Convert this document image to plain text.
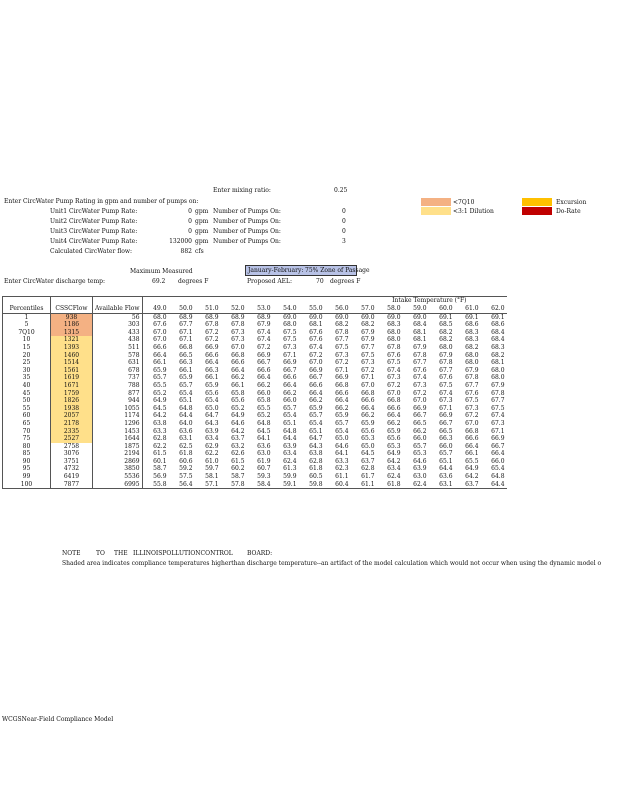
Enter mixing ratio:	0.25
Enter CircWater Pump Rating in gpm and number of pumps on:
Unit1 CircWater Pump Rate:	0 gpm Number of Pumps On:	0
Unit2 CircWater Pump Rate:	0 gpm Number of Pumps On:	0
Unit3 CircWater Pump Rate:	0 gpm Number of Pumps On:	0
Unit4 CircWater Pump Rate:	132000 gpm Number of Pumps On:	3
Calculated CircWater flow:	882 cfs
<7Q10
<3:1 Dilution
Excursion
Do-Rate
Maximum Measured	January-February: 75% Zone of Passage
Enter CircWater discharge temp:	69.2 degrees F	Proposed AEL:	70 degrees F
			Intake Temperature (°F)													
Percentiles	CSSCFlow	Available Flow	49.0	50.0	51.0	52.0	53.0	54.0	55.0	56.0	57.0	58.0	59.0	60.0	61.0	62.0
1	938	56	68.0	68.9	68.9	68.9	68.9	69.0	69.0	69.0	69.0	69.0	69.0	69.1	69.1	69.1
5	1186	303	67.6	67.7	67.8	67.8	67.9	68.0	68.1	68.2	68.2	68.3	68.4	68.5	68.6	68.6
7Q10	1315	433	67.0	67.1	67.2	67.3	67.4	67.5	67.6	67.8	67.9	68.0	68.1	68.2	68.3	68.4
10	1321	438	67.0	67.1	67.2	67.3	67.4	67.5	67.6	67.7	67.9	68.0	68.1	68.2	68.3	68.4
15	1393	511	66.6	66.8	66.9	67.0	67.2	67.3	67.4	67.5	67.7	67.8	67.9	68.0	68.2	68.3
20	1460	578	66.4	66.5	66.6	66.8	66.9	67.1	67.2	67.3	67.5	67.6	67.8	67.9	68.0	68.2
25	1514	631	66.1	66.3	66.4	66.6	66.7	66.9	67.0	67.2	67.3	67.5	67.7	67.8	68.0	68.1
30	1561	678	65.9	66.1	66.3	66.4	66.6	66.7	66.9	67.1	67.2	67.4	67.6	67.7	67.9	68.0
35	1619	737	65.7	65.9	66.1	66.2	66.4	66.6	66.7	66.9	67.1	67.3	67.4	67.6	67.8	68.0
40	1671	788	65.5	65.7	65.9	66.1	66.2	66.4	66.6	66.8	67.0	67.2	67.3	67.5	67.7	67.9
45	1759	877	65.2	65.4	65.6	65.8	66.0	66.2	66.4	66.6	66.8	67.0	67.2	67.4	67.6	67.8
50	1826	944	64.9	65.1	65.4	65.6	65.8	66.0	66.2	66.4	66.6	66.8	67.0	67.3	67.5	67.7
55	1938	1055	64.5	64.8	65.0	65.2	65.5	65.7	65.9	66.2	66.4	66.6	66.9	67.1	67.3	67.5
60	2057	1174	64.2	64.4	64.7	64.9	65.2	65.4	65.7	65.9	66.2	66.4	66.7	66.9	67.2	67.4
65	2178	1296	63.8	64.0	64.3	64.6	64.8	65.1	65.4	65.7	65.9	66.2	66.5	66.7	67.0	67.3
70	2335	1453	63.3	63.6	63.9	64.2	64.5	64.8	65.1	65.4	65.6	65.9	66.2	66.5	66.8	67.1
75	2527	1644	62.8	63.1	63.4	63.7	64.1	64.4	64.7	65.0	65.3	65.6	66.0	66.3	66.6	66.9
80	2758	1875	62.2	62.5	62.9	63.2	63.6	63.9	64.3	64.6	65.0	65.3	65.7	66.0	66.4	66.7
85	3076	2194	61.5	61.8	62.2	62.6	63.0	63.4	63.8	64.1	64.5	64.9	65.3	65.7	66.1	66.4
90	3751	2869	60.1	60.6	61.0	61.5	61.9	62.4	62.8	63.3	63.7	64.2	64.6	65.1	65.5	66.0
95	4732	3850	58.7	59.2	59.7	60.2	60.7	61.3	61.8	62.3	62.8	63.4	63.9	64.4	64.9	65.4
99	6419	5536	56.9	57.5	58.1	58.7	59.3	59.9	60.5	61.1	61.7	62.4	63.0	63.6	64.2	64.8
100	7877	6995	55.8	56.4	57.1	57.8	58.4	59.1	59.8	60.4	61.1	61.8	62.4	63.1	63.7	64.4
NOTE	TO THE ILLINOISPOLLUTIONCONTROL BOARD:
Shaded area indicates compliance temperatures higherthan discharge temperature--an artifact of the model calculation which would not occur when using the dynamic model o
WCGSNear-Field Compliance Model
